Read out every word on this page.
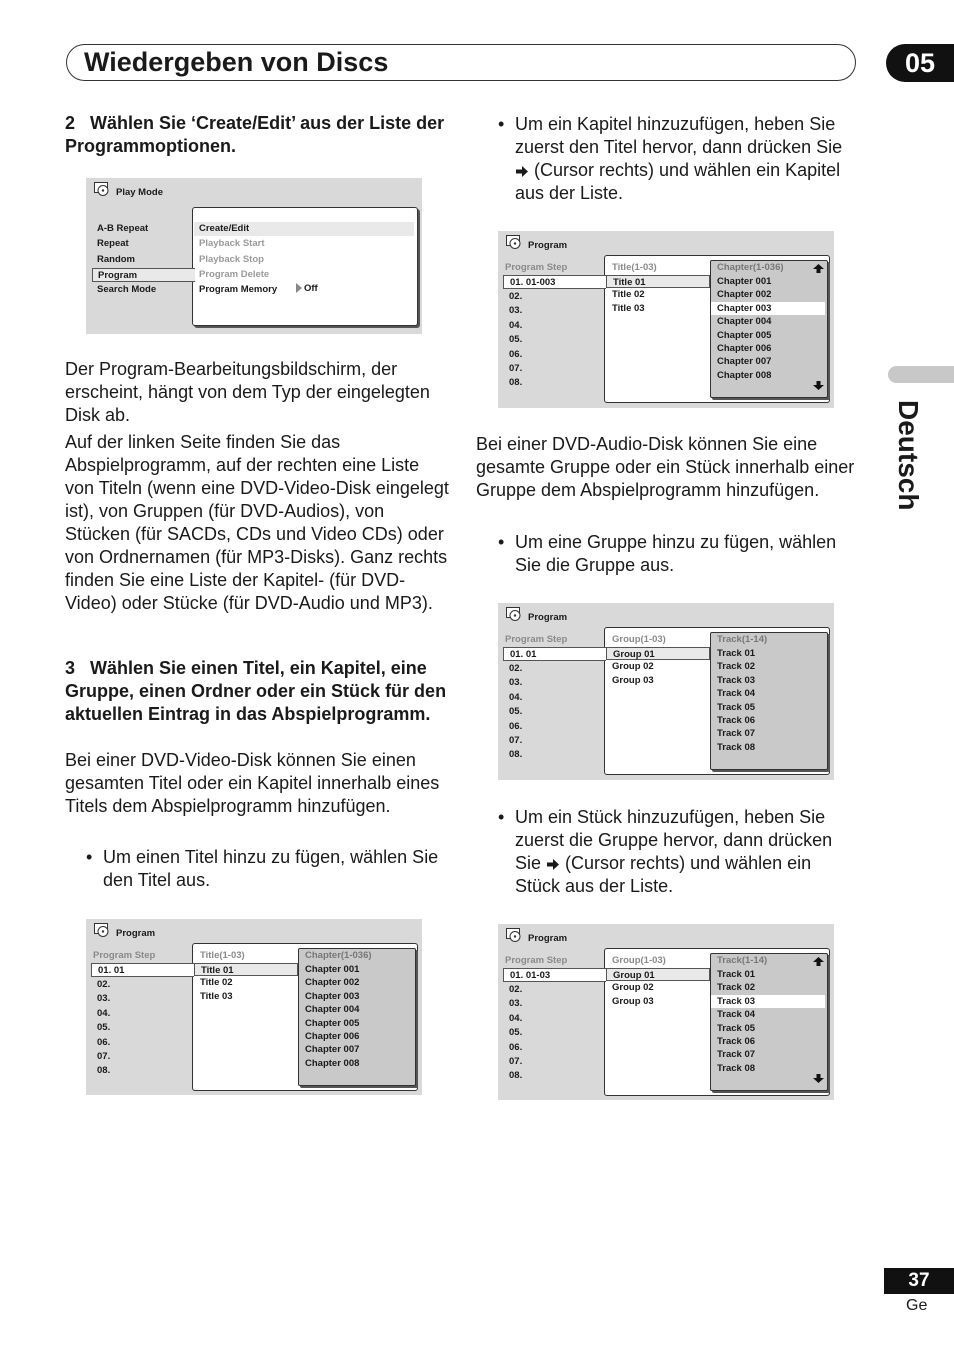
Wiedergeben von Discs	05
Deutsch
2   Wählen Sie ‘Create/Edit’ aus der Liste der Programmoptionen.
Play Mode
Off
A-B Repeat
Repeat
Random
Program
Search Mode
Create/Edit
Playback Start
Playback Stop
Program Delete
Program Memory
Der Program-Bearbeitungsbildschirm, der erscheint, hängt von dem Typ der eingelegten Disk ab.
Auf der linken Seite finden Sie das Abspielprogramm, auf der rechten eine Liste von Titeln (wenn eine DVD-Video-Disk eingelegt ist), von Gruppen (für DVD-Audios), von Stücken (für SACDs, CDs und Video CDs) oder von Ordnernamen (für MP3-Disks). Ganz rechts finden Sie eine Liste der Kapitel- (für DVD-Video) oder Stücke (für DVD-Audio und MP3).
3   Wählen Sie einen Titel, ein Kapitel, eine Gruppe, einen Ordner oder ein Stück für den aktuellen Eintrag in das Abspielprogramm.
Bei einer DVD-Video-Disk können Sie einen gesamten Titel oder ein Kapitel innerhalb eines Titels dem Abspielprogramm hinzufügen.
• Um einen Titel hinzu zu fügen, wählen Sie den Titel aus.
Program
Program Step	Title(1-03)	Chapter(1-036)
01. 01
02.
03.
04.
05.
06.
07.
08.
Title 01
Title 02
Title 03
Chapter 001
Chapter 002
Chapter 003
Chapter 004
Chapter 005
Chapter 006
Chapter 007
Chapter 008
• Um ein Kapitel hinzuzufügen, heben Sie zuerst den Titel hervor, dann drücken Sie  (Cursor rechts) und wählen ein Kapitel aus der Liste.
Program
Program Step	Title(1-03)	Chapter(1-036)
01. 01-003
02.
03.
04.
05.
06.
07.
08.
Title 01
Title 02
Title 03
Chapter 001
Chapter 002
Chapter 003
Chapter 004
Chapter 005
Chapter 006
Chapter 007
Chapter 008
Bei einer DVD-Audio-Disk können Sie eine gesamte Gruppe oder ein Stück innerhalb einer Gruppe dem Abspielprogramm hinzufügen.
• Um eine Gruppe hinzu zu fügen, wählen Sie die Gruppe aus.
Program
Program Step	Group(1-03)	Track(1-14)
01. 01
02.
03.
04.
05.
06.
07.
08.
Group 01
Group 02
Group 03
Track 01
Track 02
Track 03
Track 04
Track 05
Track 06
Track 07
Track 08
• Um ein Stück hinzuzufügen, heben Sie zuerst die Gruppe hervor, dann drücken Sie (Cursor rechts) und wählen ein Stück aus der Liste.
Program
Program Step	Group(1-03)	Track(1-14)
01. 01-03
02.
03.
04.
05.
06.
07.
08.
Group 01
Group 02
Group 03
Track 01
Track 02
Track 03
Track 04
Track 05
Track 06
Track 07
Track 08
37
Ge
